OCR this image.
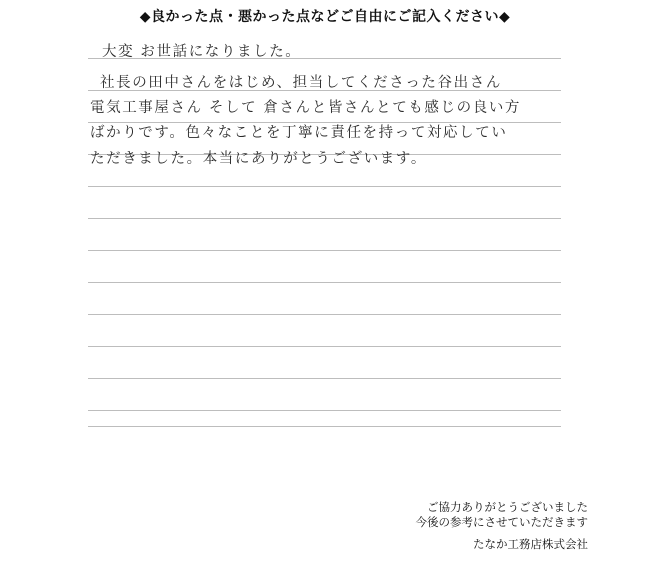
◆良かった点・悪かった点などご自由にご記入ください◆
大変 お世話になりました。
社長の田中さんをはじめ、担当してくださった谷出さん
電気工事屋さん そして 倉さんと皆さんとても感じの良い方
ばかりです。色々なことを丁寧に責任を持って対応してい
ただきました。本当にありがとうございます。
ご協力ありがとうございました
今後の参考にさせていただきます
たなか工務店株式会社
